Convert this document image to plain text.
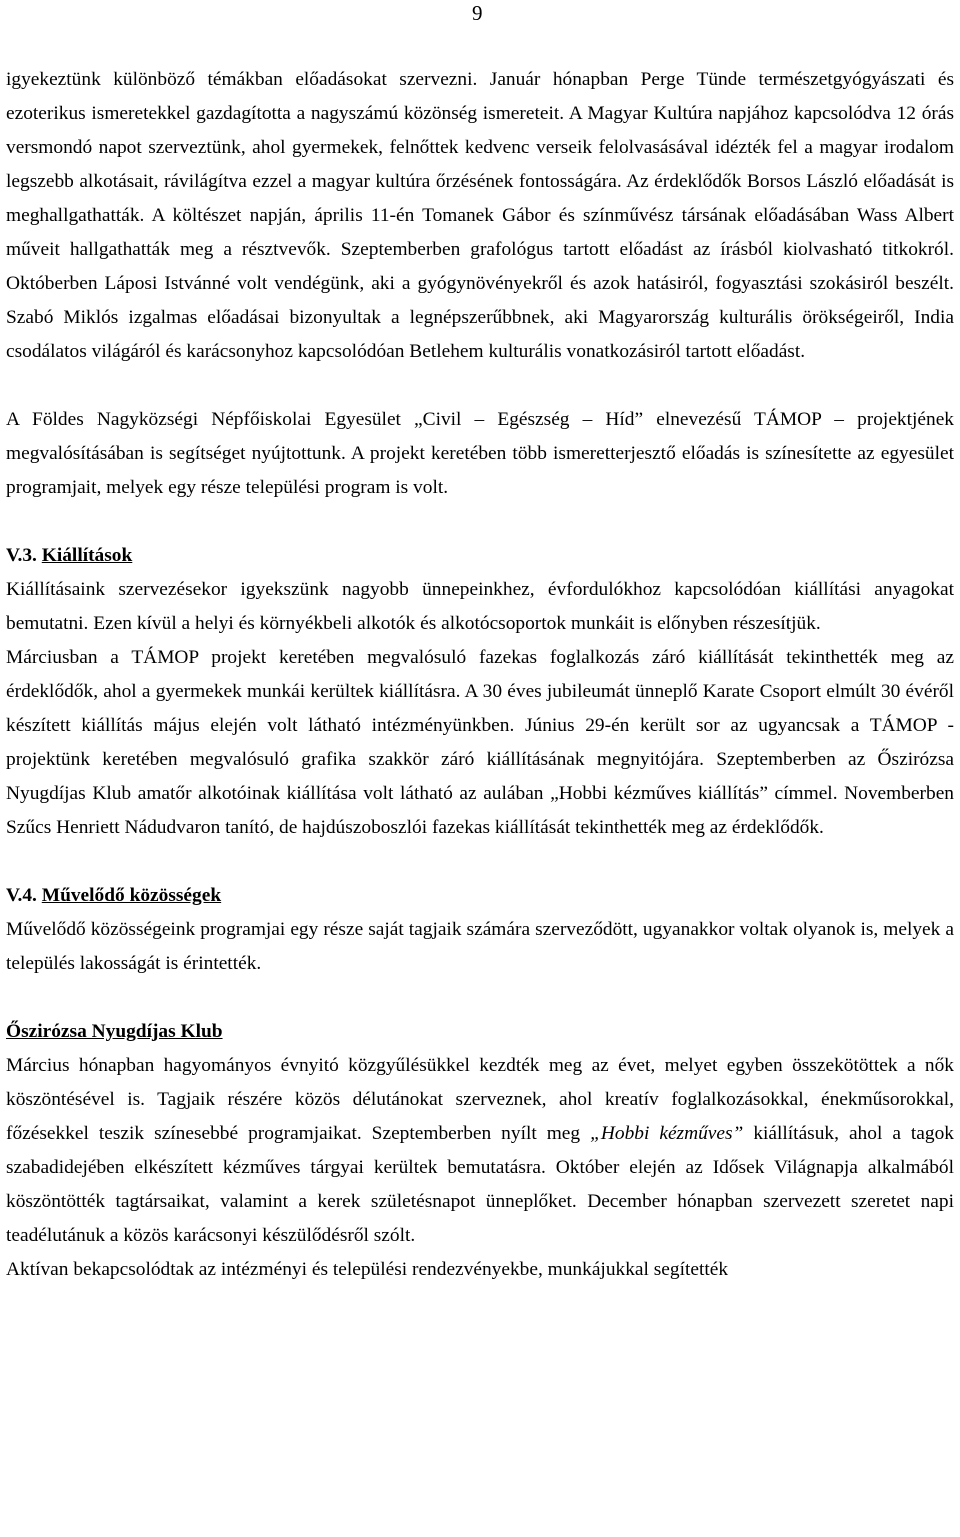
9

igyekeztünk különböző témákban előadásokat szervezni. Január hónapban Perge Tünde természetgyógyászati és ezoterikus ismeretekkel gazdagította a nagyszámú közönség ismereteit. A Magyar Kultúra napjához kapcsolódva 12 órás versmondó napot szerveztünk, ahol gyermekek, felnőttek kedvenc verseik felolvasásával idézték fel a magyar irodalom legszebb alkotásait, rávilágítva ezzel a magyar kultúra őrzésének fontosságára. Az érdeklődők Borsos László előadását is meghallgathatták. A költészet napján, április 11-én Tomanek Gábor és színművész társának előadásában Wass Albert műveit hallgathatták meg a résztvevők. Szeptemberben grafológus tartott előadást az írásból kiolvasható titkokról. Októberben Láposi Istvánné volt vendégünk, aki a gyógynövényekről és azok hatásiról, fogyasztási szokásiról beszélt. Szabó Miklós izgalmas előadásai bizonyultak a legnépszerűbbnek, aki Magyarország kulturális örökségeiről, India csodálatos világáról és karácsonyhoz kapcsolódóan Betlehem kulturális vonatkozásiról tartott előadást.

A Földes Nagyközségi Népfőiskolai Egyesület „Civil – Egészség – Híd” elnevezésű TÁMOP – projektjének megvalósításában is segítséget nyújtottunk. A projekt keretében több ismeretterjesztő előadás is színesítette az egyesület programjait, melyek egy része települési program is volt.

V.3. Kiállítások

Kiállításaink szervezésekor igyekszünk nagyobb ünnepeinkhez, évfordulókhoz kapcsolódóan kiállítási anyagokat bemutatni. Ezen kívül a helyi és környékbeli alkotók és alkotócsoportok munkáit is előnyben részesítjük.

Márciusban a TÁMOP projekt keretében megvalósuló fazekas foglalkozás záró kiállítását tekinthették meg az érdeklődők, ahol a gyermekek munkái kerültek kiállításra. A 30 éves jubileumát ünneplő Karate Csoport elmúlt 30 évéről készített kiállítás május elején volt látható intézményünkben. Június 29-én került sor az ugyancsak a TÁMOP - projektünk keretében megvalósuló grafika szakkör záró kiállításának megnyitójára. Szeptemberben az Őszirózsa Nyugdíjas Klub amatőr alkotóinak kiállítása volt látható az aulában „Hobbi kézműves kiállítás” címmel. Novemberben Szűcs Henriett Nádudvaron tanító, de hajdúszoboszlói fazekas kiállítását tekinthették meg az érdeklődők.

V.4. Művelődő közösségek

Művelődő közösségeink programjai egy része saját tagjaik számára szerveződött, ugyanakkor voltak olyanok is, melyek a település lakosságát is érintették.

Őszirózsa Nyugdíjas Klub

Március hónapban hagyományos évnyitó közgyűlésükkel kezdték meg az évet, melyet egyben összekötöttek a nők köszöntésével is. Tagjaik részére közös délutánokat szerveznek, ahol kreatív foglalkozásokkal, énekműsorokkal, főzésekkel teszik színesebbé programjaikat. Szeptemberben nyílt meg „Hobbi kézműves” kiállításuk, ahol a tagok szabadidejében elkészített kézműves tárgyai kerültek bemutatásra. Október elején az Idősek Világnapja alkalmából köszöntötték tagtársaikat, valamint a kerek születésnapot ünneplőket. December hónapban szervezett szeretet napi teadélutánuk a közös karácsonyi készülődésről szólt.

Aktívan bekapcsolódtak az intézményi és települési rendezvényekbe, munkájukkal segítették
